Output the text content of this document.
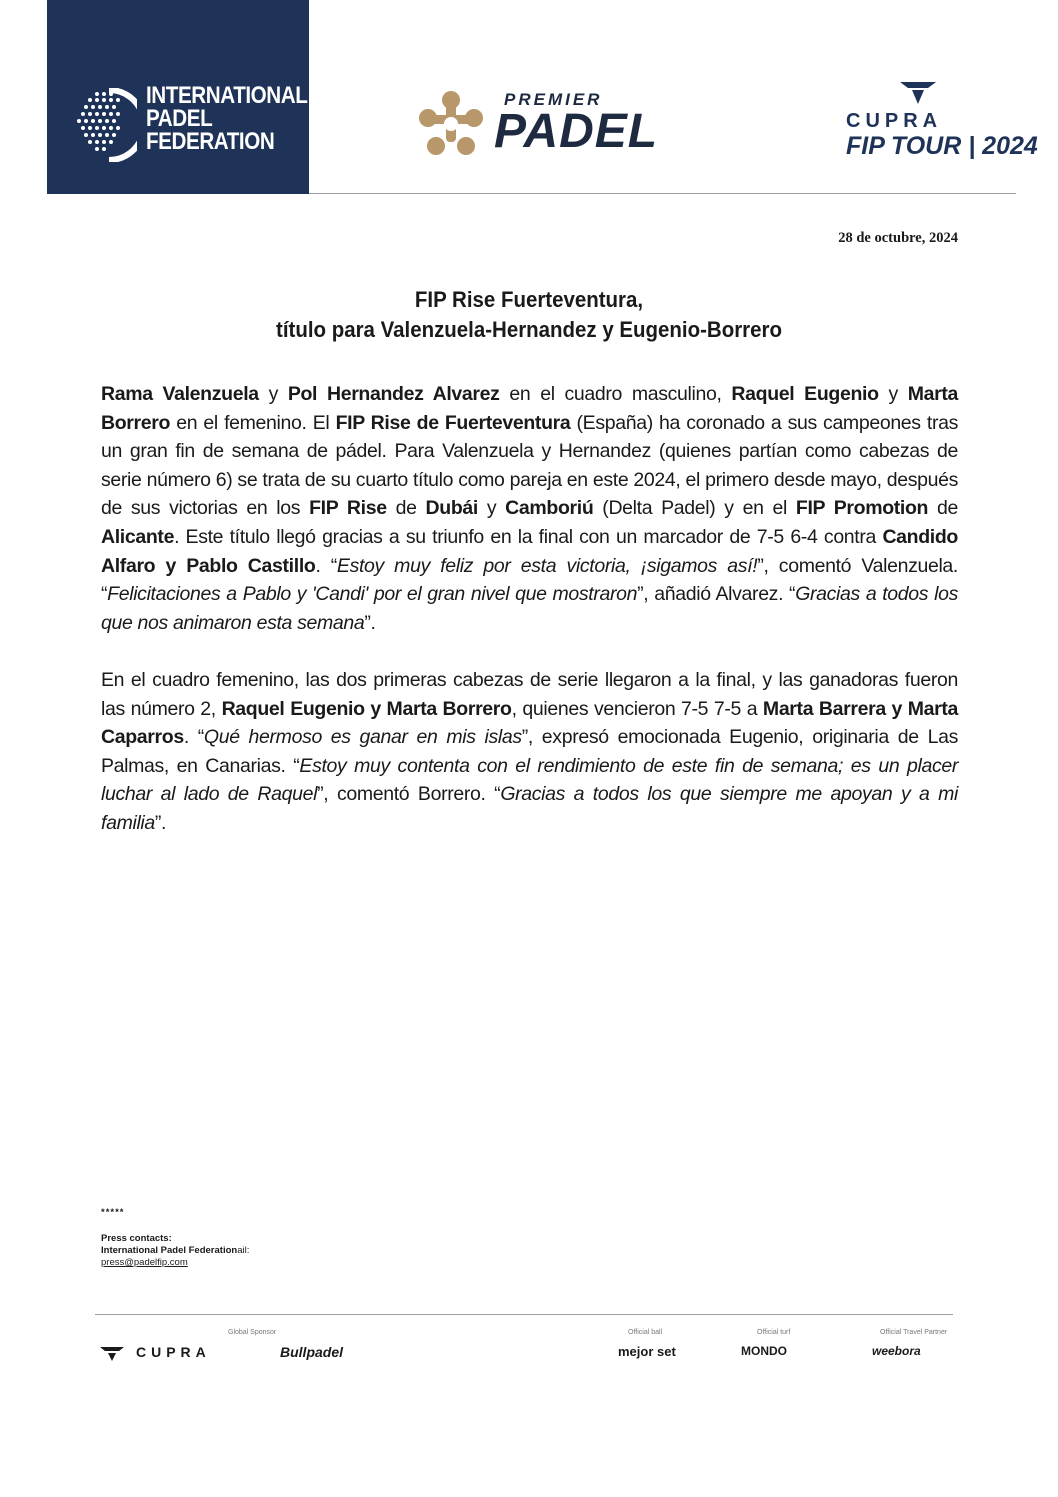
INTERNATIONAL
PADEL
FEDERATION
PREMIER
PADEL	CUPRA
FIP TOUR | 2024
28 de octubre, 2024
FIP Rise Fuerteventura,
título para Valenzuela-Hernandez y Eugenio-Borrero
Rama Valenzuela y Pol Hernandez Alvarez en el cuadro masculino, Raquel Eugenio y Marta Borrero en el femenino. El FIP Rise de Fuerteventura (España) ha coronado a sus campeones tras un gran fin de semana de pádel. Para Valenzuela y Hernandez (quienes partían como cabezas de serie número 6) se trata de su cuarto título como pareja en este 2024, el primero desde mayo, después de sus victorias en los FIP Rise de Dubái y Camboriú (Delta Padel) y en el FIP Promotion de Alicante. Este título llegó gracias a su triunfo en la final con un marcador de 7-5 6-4 contra Candido Alfaro y Pablo Castillo. “Estoy muy feliz por esta victoria, ¡sigamos así!”, comentó Valenzuela. “Felicitaciones a Pablo y 'Candi' por el gran nivel que mostraron”, añadió Alvarez. “Gracias a todos los que nos animaron esta semana”.
En el cuadro femenino, las dos primeras cabezas de serie llegaron a la final, y las ganadoras fueron las número 2, Raquel Eugenio y Marta Borrero, quienes vencieron 7-5 7-5 a Marta Barrera y Marta Caparros. “Qué hermoso es ganar en mis islas”, expresó emocionada Eugenio, originaria de Las Palmas, en Canarias. “Estoy muy contenta con el rendimiento de este fin de semana; es un placer luchar al lado de Raquel”, comentó Borrero. “Gracias a todos los que siempre me apoyan y a mi familia”.
*****
Press contacts:
International Padel Federationail:
press@padelfip.com
Global Sponsor	Official ball	Official turf	Official Travel Partner
CUPRA	Bullpadel	mejor set	MONDO	weebora
